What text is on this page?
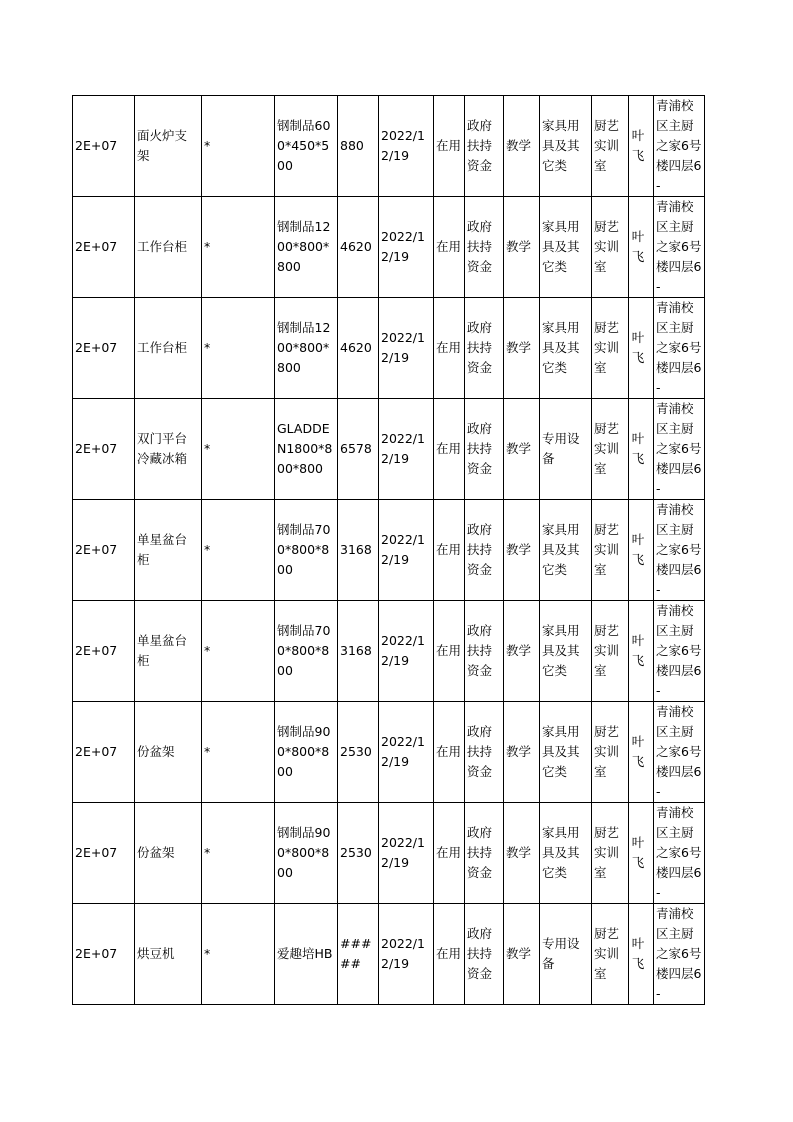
2E+07	面火炉支架	*	钢制品600*450*500	880	2022/12/19	在用	政府扶持资金	教学	家具用具及其它类	厨艺实训室	叶飞	青浦校区主厨之家6号楼四层6-
2E+07	工作台柜	*	钢制品1200*800*800	4620	2022/12/19	在用	政府扶持资金	教学	家具用具及其它类	厨艺实训室	叶飞	青浦校区主厨之家6号楼四层6-
2E+07	工作台柜	*	钢制品1200*800*800	4620	2022/12/19	在用	政府扶持资金	教学	家具用具及其它类	厨艺实训室	叶飞	青浦校区主厨之家6号楼四层6-
2E+07	双门平台冷藏冰箱	*	GLADDEN1800*800*800	6578	2022/12/19	在用	政府扶持资金	教学	专用设备	厨艺实训室	叶飞	青浦校区主厨之家6号楼四层6-
2E+07	单星盆台柜	*	钢制品700*800*800	3168	2022/12/19	在用	政府扶持资金	教学	家具用具及其它类	厨艺实训室	叶飞	青浦校区主厨之家6号楼四层6-
2E+07	单星盆台柜	*	钢制品700*800*800	3168	2022/12/19	在用	政府扶持资金	教学	家具用具及其它类	厨艺实训室	叶飞	青浦校区主厨之家6号楼四层6-
2E+07	份盆架	*	钢制品900*800*800	2530	2022/12/19	在用	政府扶持资金	教学	家具用具及其它类	厨艺实训室	叶飞	青浦校区主厨之家6号楼四层6-
2E+07	份盆架	*	钢制品900*800*800	2530	2022/12/19	在用	政府扶持资金	教学	家具用具及其它类	厨艺实训室	叶飞	青浦校区主厨之家6号楼四层6-
2E+07	烘豆机	*	爱趣培HB	#####	2022/12/19	在用	政府扶持资金	教学	专用设备	厨艺实训室	叶飞	青浦校区主厨之家6号楼四层6-
